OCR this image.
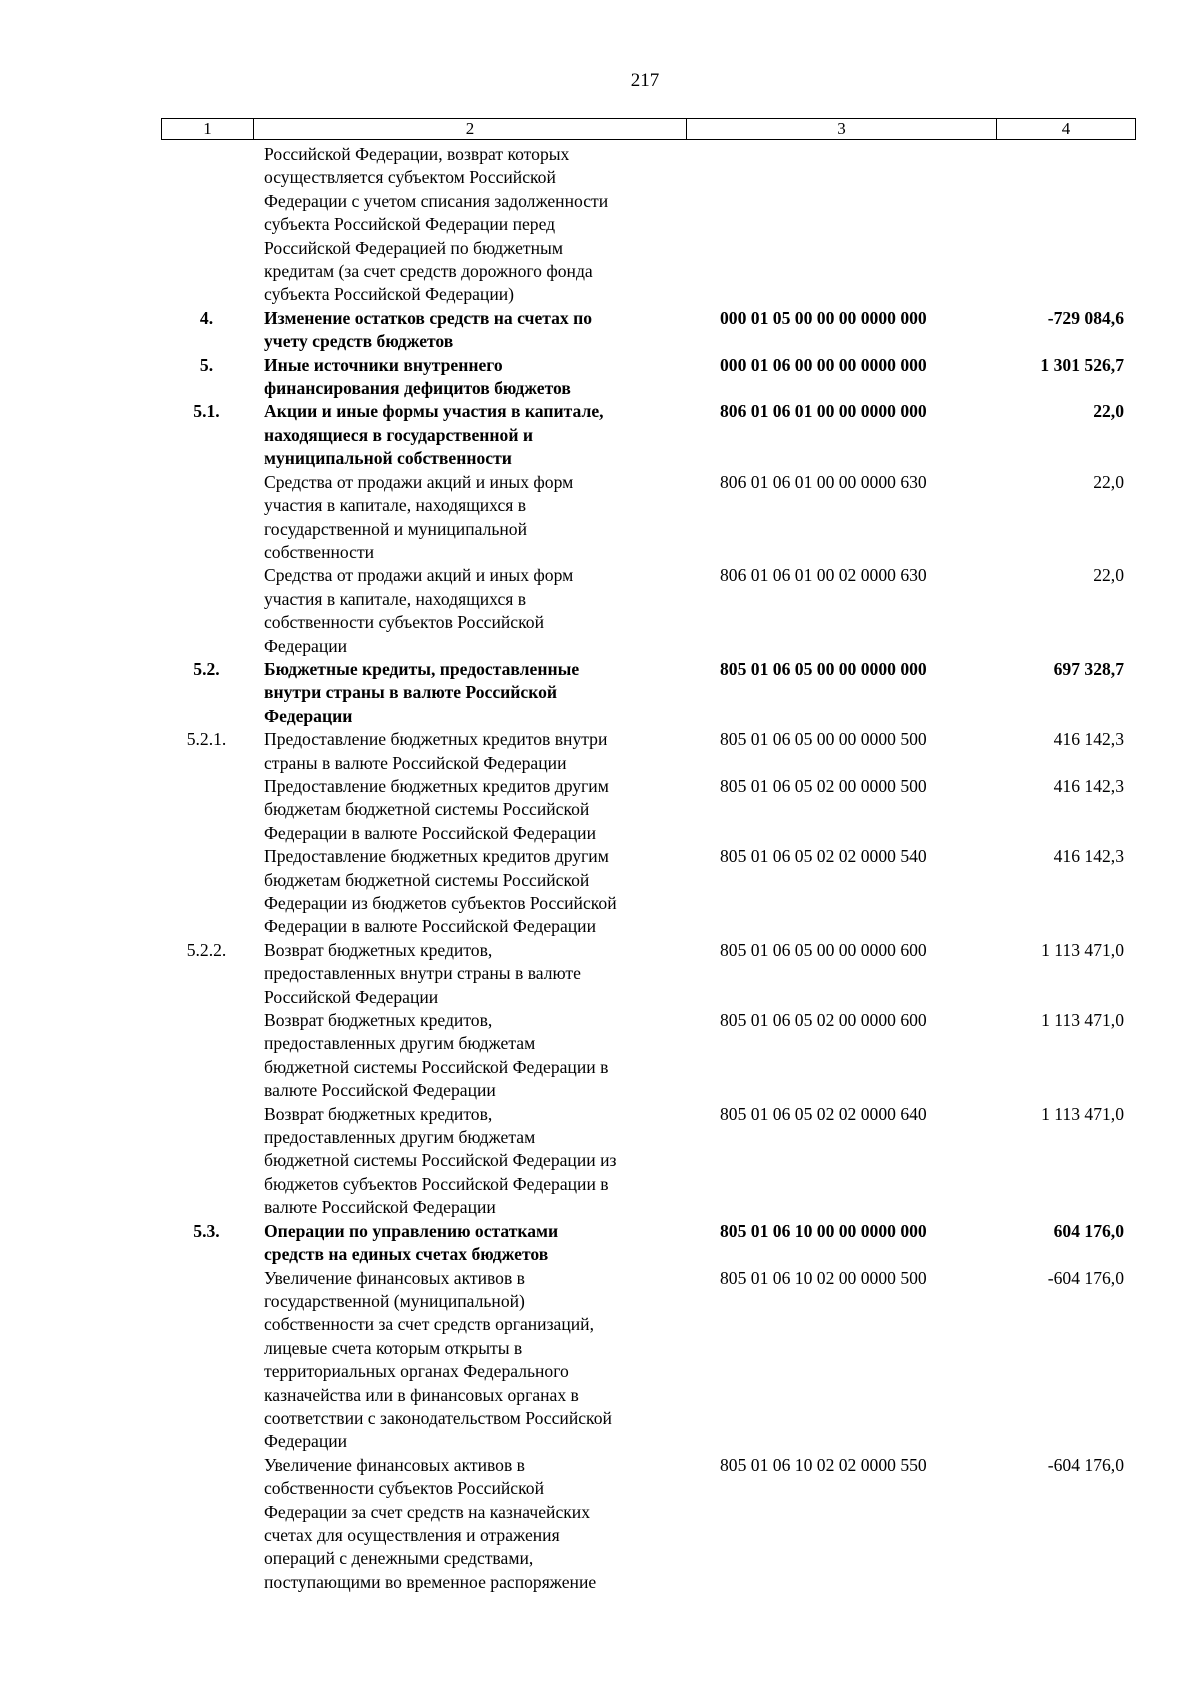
217
1	2	3	4
Российской Федерации, возврат которых
осуществляется субъектом Российской
Федерации с учетом списания задолженности
субъекта Российской Федерации перед
Российской Федерацией по бюджетным
кредитам (за счет средств дорожного фонда
субъекта Российской Федерации)
4.	Изменение остатков средств на счетах по
учету средств бюджетов
000 01 05 00 00 00 0000 000	-729 084,6
5.	Иные источники внутреннего
финансирования дефицитов бюджетов
000 01 06 00 00 00 0000 000	1 301 526,7
5.1.	Акции и иные формы участия в капитале,
находящиеся в государственной и
муниципальной собственности
806 01 06 01 00 00 0000 000	22,0
Средства от продажи акций и иных форм
участия в капитале, находящихся в
государственной и муниципальной
собственности
806 01 06 01 00 00 0000 630	22,0
Средства от продажи акций и иных форм
участия в капитале, находящихся в
собственности субъектов Российской
Федерации
806 01 06 01 00 02 0000 630	22,0
5.2.	Бюджетные кредиты, предоставленные
внутри страны в валюте Российской
Федерации
805 01 06 05 00 00 0000 000	697 328,7
5.2.1.	Предоставление бюджетных кредитов внутри
страны в валюте Российской Федерации
805 01 06 05 00 00 0000 500	416 142,3
Предоставление бюджетных кредитов другим
бюджетам бюджетной системы Российской
Федерации в валюте Российской Федерации
805 01 06 05 02 00 0000 500	416 142,3
Предоставление бюджетных кредитов другим
бюджетам бюджетной системы Российской
Федерации из бюджетов субъектов Российской
Федерации в валюте Российской Федерации
805 01 06 05 02 02 0000 540	416 142,3
5.2.2.	Возврат бюджетных кредитов,
предоставленных внутри страны в валюте
Российской Федерации
805 01 06 05 00 00 0000 600	1 113 471,0
Возврат бюджетных кредитов,
предоставленных другим бюджетам
бюджетной системы Российской Федерации в
валюте Российской Федерации
805 01 06 05 02 00 0000 600	1 113 471,0
Возврат бюджетных кредитов,
предоставленных другим бюджетам
бюджетной системы Российской Федерации из
бюджетов субъектов Российской Федерации в
валюте Российской Федерации
805 01 06 05 02 02 0000 640	1 113 471,0
5.3.	Операции по управлению остатками
средств на единых счетах бюджетов
805 01 06 10 00 00 0000 000	604 176,0
Увеличение финансовых активов в
государственной (муниципальной)
собственности за счет средств организаций,
лицевые счета которым открыты в
территориальных органах Федерального
казначейства или в финансовых органах в
соответствии с законодательством Российской
Федерации
805 01 06 10 02 00 0000 500	-604 176,0
Увеличение финансовых активов в
собственности субъектов Российской
Федерации за счет средств на казначейских
счетах для осуществления и отражения
операций с денежными средствами,
поступающими во временное распоряжение
805 01 06 10 02 02 0000 550	-604 176,0
